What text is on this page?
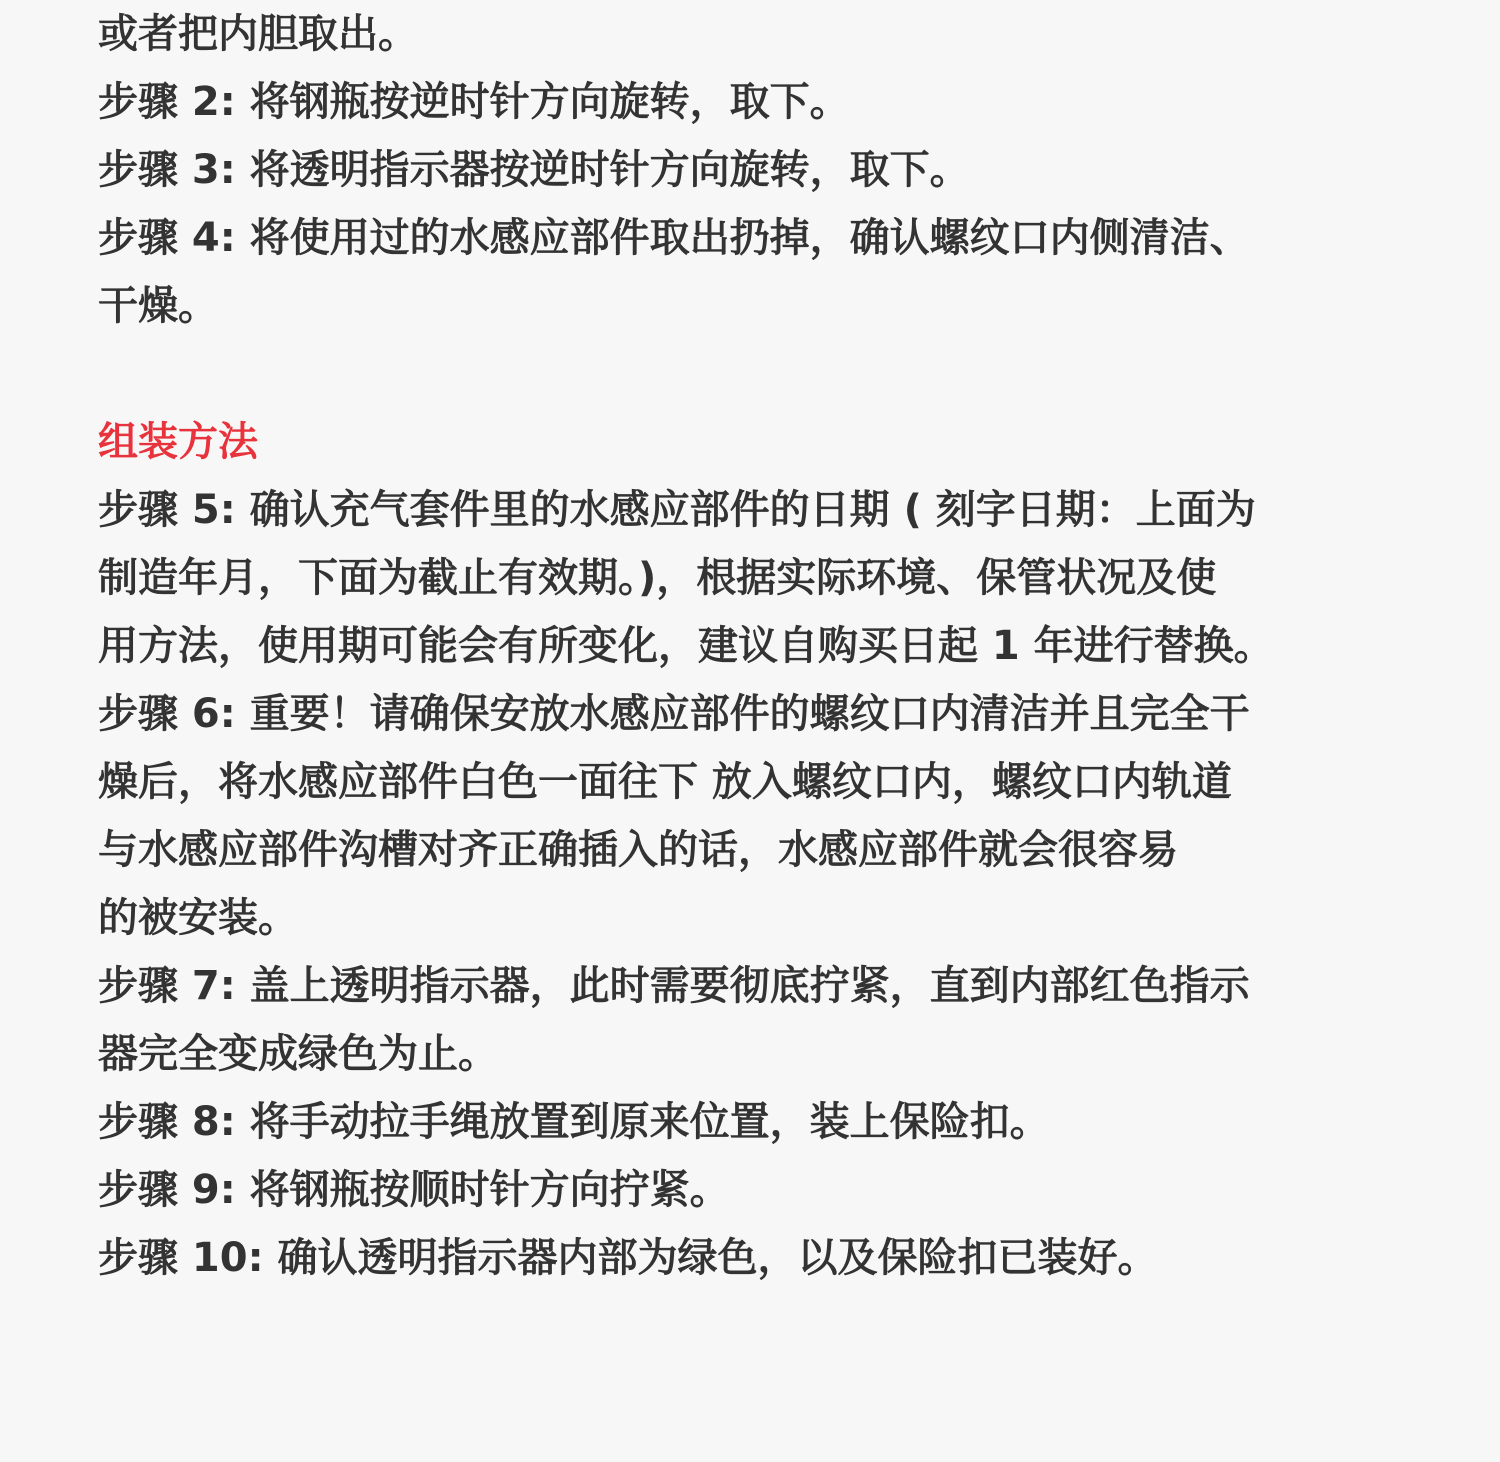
或者把内胆取出。
步骤 2: 将钢瓶按逆时针方向旋转，取下。
步骤 3: 将透明指示器按逆时针方向旋转，取下。
步骤 4: 将使用过的水感应部件取出扔掉，确认螺纹口内侧清洁、
干燥。
组装方法
步骤 5: 确认充气套件里的水感应部件的日期 ( 刻字日期：上面为
制造年月，下面为截止有效期。)，根据实际环境、保管状况及使
用方法，使用期可能会有所变化，建议自购买日起 1 年进行替换。
步骤 6: 重要！请确保安放水感应部件的螺纹口内清洁并且完全干
燥后，将水感应部件白色一面往下 放入螺纹口内，螺纹口内轨道
与水感应部件沟槽对齐正确插入的话，水感应部件就会很容易
的被安装。
步骤 7: 盖上透明指示器，此时需要彻底拧紧，直到内部红色指示
器完全变成绿色为止。
步骤 8: 将手动拉手绳放置到原来位置，装上保险扣。
步骤 9: 将钢瓶按顺时针方向拧紧。
步骤 10: 确认透明指示器内部为绿色，以及保险扣已装好。
